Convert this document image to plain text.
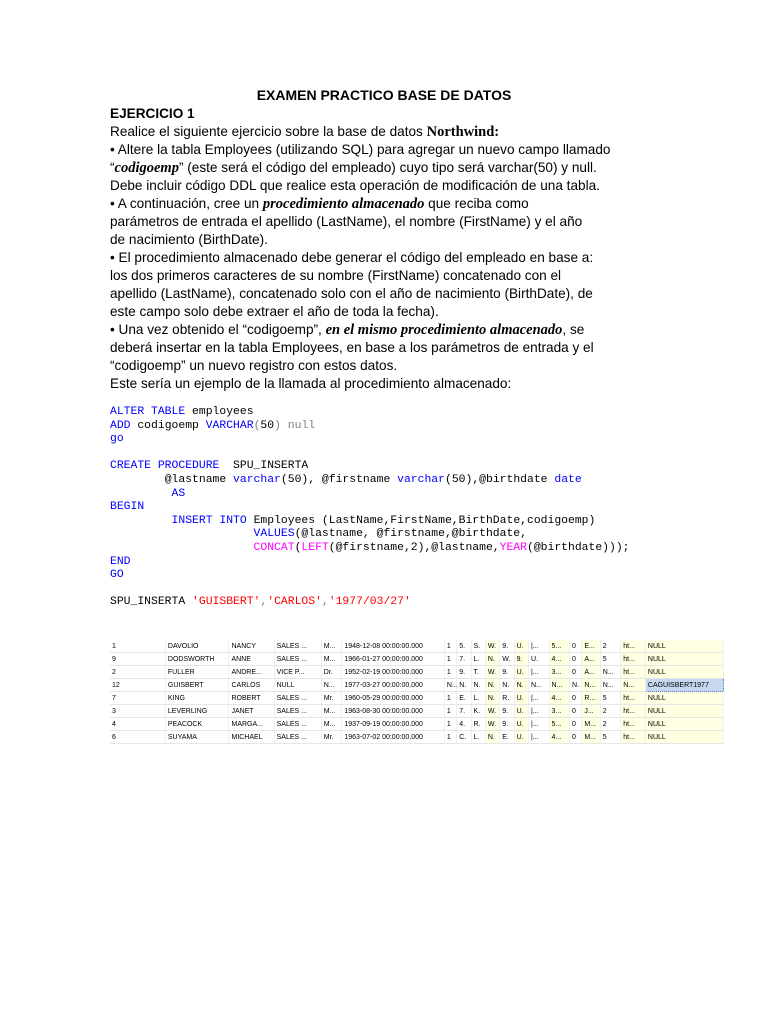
EXAMEN PRACTICO BASE DE DATOS
EJERCICIO 1
Realice el siguiente ejercicio sobre la base de datos Northwind:
• Altere la tabla Employees (utilizando SQL) para agregar un nuevo campo llamado
“codigoemp” (este será el código del empleado) cuyo tipo será varchar(50) y null.
Debe incluir código DDL que realice esta operación de modificación de una tabla.
• A continuación, cree un procedimiento almacenado que reciba como
parámetros de entrada el apellido (LastName), el nombre (FirstName) y el año
de nacimiento (BirthDate).
• El procedimiento almacenado debe generar el código del empleado en base a:
los dos primeros caracteres de su nombre (FirstName) concatenado con el
apellido (LastName), concatenado solo con el año de nacimiento (BirthDate), de
este campo solo debe extraer el año de toda la fecha).
• Una vez obtenido el “codigoemp”, en el mismo procedimiento almacenado, se
deberá insertar en la tabla Employees, en base a los parámetros de entrada y el
“codigoemp” un nuevo registro con estos datos.
Este sería un ejemplo de la llamada al procedimiento almacenado:
ALTER TABLE employees
ADD codigoemp VARCHAR(50) null
go
CREATE PROCEDURE  SPU_INSERTA
@lastname varchar(50), @firstname varchar(50),@birthdate date
AS
BEGIN
INSERT INTO Employees (LastName,FirstName,BirthDate,codigoemp)
VALUES(@lastname, @firstname,@birthdate,
CONCAT(LEFT(@firstname,2),@lastname,YEAR(@birthdate)));
END
GO
SPU_INSERTA 'GUISBERT','CARLOS','1977/03/27'
1	DAVOLIO	NANCY	SALES ...	M...	1948-12-08 00:00:00.000	1	5.	S.	W.	9.	U.	|...	5...	0	E...	2	ht...	NULL
9	DODSWORTH	ANNE	SALES ...	M...	1966-01-27 00:00:00.000	1	7.	L.	N.	W.	9.	U.	4...	0	A...	5	ht...	NULL
2	FULLER	ANDRE...	VICE P...	Dr.	1952-02-19 00:00:00.000	1	9.	T.	W.	9.	U.	|...	3...	0	A...	N...	ht...	NULL
12	GUISBERT	CARLOS	NULL	N...	1977-03-27 00:00:00.000	N...	N.	N.	N.	N.	N.	N...	N...	N.	N...	N...	N...	CAGUISBERT1977
7	KING	ROBERT	SALES ...	Mr.	1960-05-29 00:00:00.000	1	E.	L.	N.	R.	U.	|...	4...	0	R...	5	ht...	NULL
3	LEVERLING	JANET	SALES ...	M...	1963-08-30 00:00:00.000	1	7.	K.	W.	9.	U.	|...	3...	0	J...	2	ht...	NULL
4	PEACOCK	MARGA...	SALES ...	M...	1937-09-19 00:00:00.000	1	4.	R.	W.	9.	U.	|...	5...	0	M...	2	ht...	NULL
6	SUYAMA	MICHAEL	SALES ...	Mr.	1963-07-02 00:00:00.000	1	C.	L.	N.	E.	U.	|...	4...	0	M...	5	ht...	NULL
